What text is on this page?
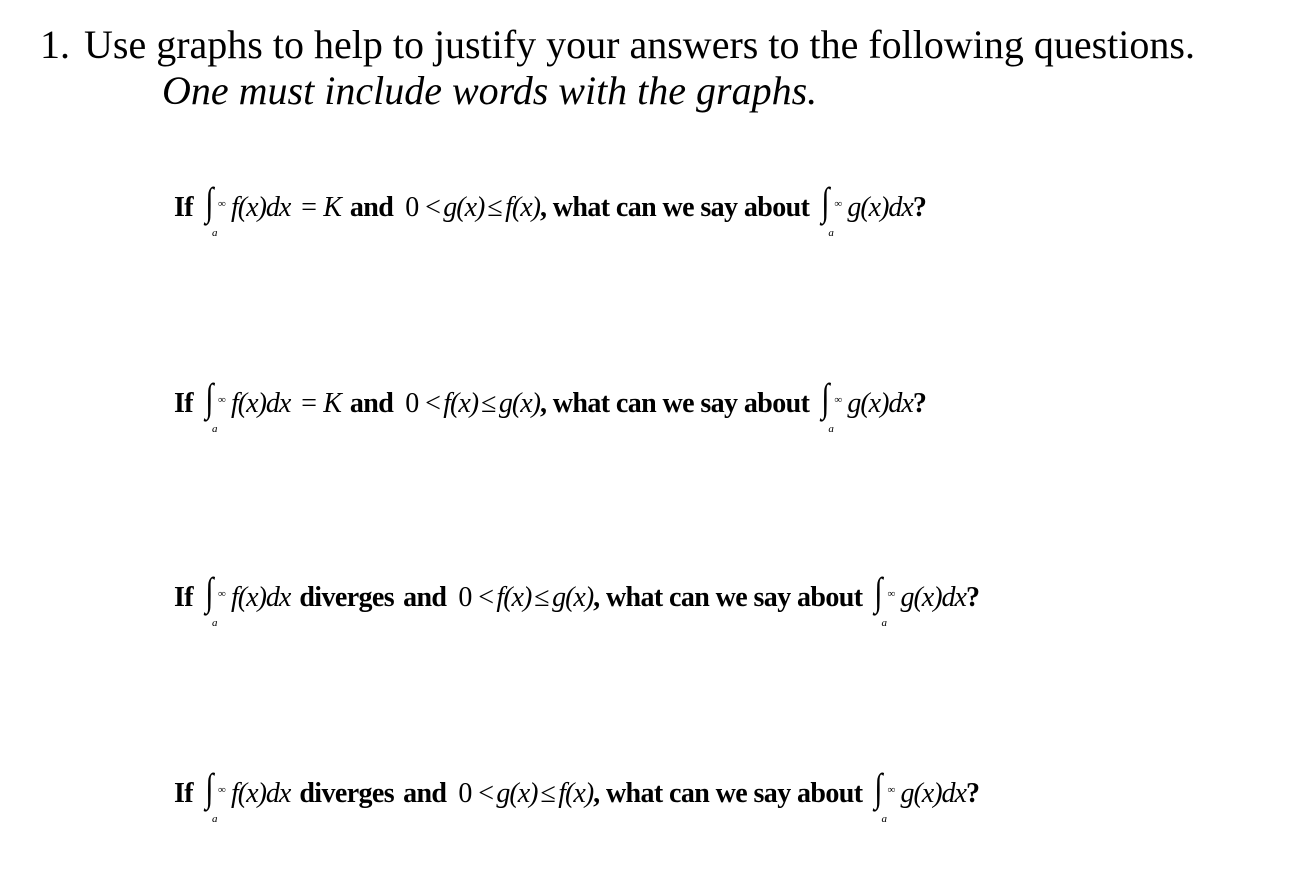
1. Use graphs to help to justify your answers to the following questions.
One must include words with the graphs.
If ∫ ∞
a
f(x)dx = K and 0 < g(x) ≤ f(x) , what can we say about ∫ ∞
a
g(x)dx ?
If ∫ ∞
a
f(x)dx = K and 0 < f(x) ≤ g(x) , what can we say about ∫ ∞
a
g(x)dx ?
If ∫ ∞
a
f(x)dx diverges and 0 < f(x) ≤ g(x) , what can we say about ∫ ∞
a
g(x)dx ?
If ∫ ∞
a
f(x)dx diverges and 0 < g(x) ≤ f(x) , what can we say about ∫ ∞
a
g(x)dx ?
